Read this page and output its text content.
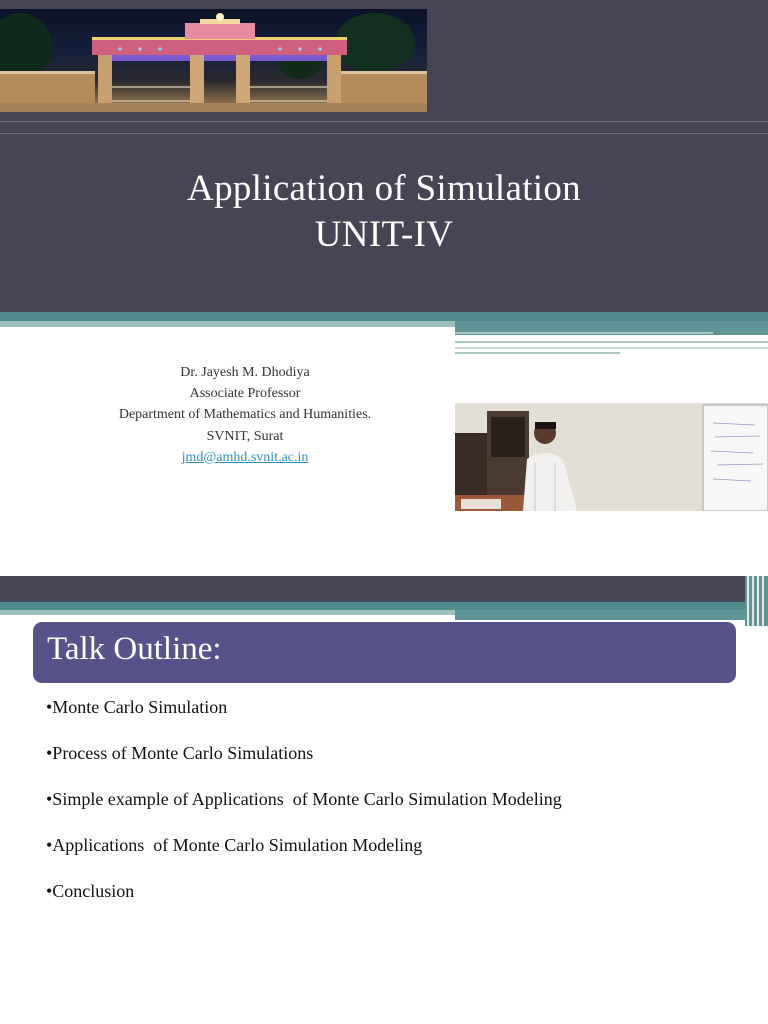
Application of Simulation
UNIT-IV
Dr. Jayesh M. Dhodiya
Associate Professor
Department of Mathematics and Humanities.
SVNIT, Surat
jmd@amhd.svnit.ac.in
Talk Outline:
•Monte Carlo Simulation
•Process of Monte Carlo Simulations
•Simple example of Applications  of Monte Carlo Simulation Modeling
•Applications  of Monte Carlo Simulation Modeling
•Conclusion
